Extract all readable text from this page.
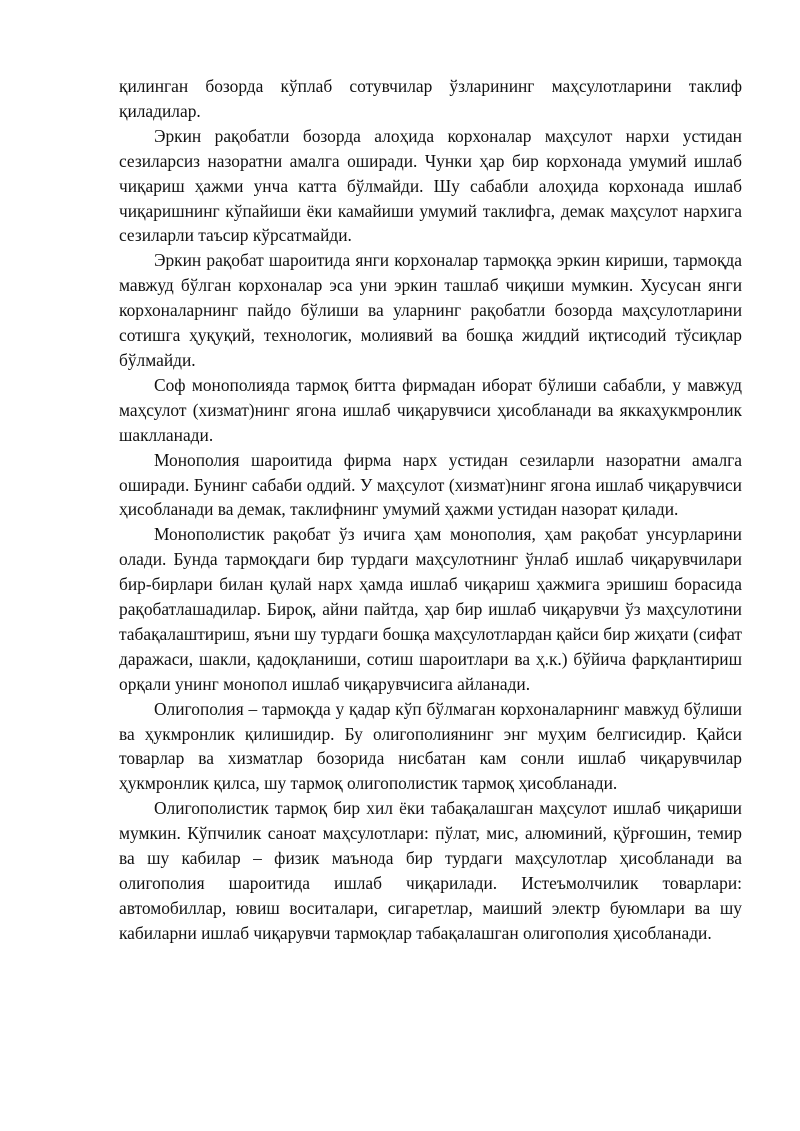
қилинган бозорда кўплаб сотувчилар ўзларининг маҳсулотларини таклиф қиладилар.

Эркин рақобатли бозорда алоҳида корхоналар маҳсулот нархи устидан сезиларсиз назоратни амалга оширади. Чунки ҳар бир корхонада умумий ишлаб чиқариш ҳажми унча катта бўлмайди. Шу сабабли алоҳида корхонада ишлаб чиқаришнинг кўпайиши ёки камайиши умумий таклифга, демак маҳсулот нархига сезиларли таъсир кўрсатмайди.

Эркин рақобат шароитида янги корхоналар тармоққа эркин кириши, тармоқда мавжуд бўлган корхоналар эса уни эркин ташлаб чиқиши мумкин. Хусусан янги корхоналарнинг пайдо бўлиши ва уларнинг рақобатли бозорда маҳсулотларини сотишга ҳуқуқий, технологик, молиявий ва бошқа жиддий иқтисодий тўсиқлар бўлмайди.

Соф монополияда тармоқ битта фирмадан иборат бўлиши сабабли, у мавжуд маҳсулот (хизмат)нинг ягона ишлаб чиқарувчиси ҳисобланади ва яккаҳукмронлик шаклланади.

Монополия шароитида фирма нарх устидан сезиларли назоратни амалга оширади. Бунинг сабаби оддий. У маҳсулот (хизмат)нинг ягона ишлаб чиқарувчиси ҳисобланади ва демак, таклифнинг умумий ҳажми устидан назорат қилади.

Монополистик рақобат ўз ичига ҳам монополия, ҳам рақобат унсурларини олади. Бунда тармоқдаги бир турдаги маҳсулотнинг ўнлаб ишлаб чиқарувчилари бир-бирлари билан қулай нарх ҳамда ишлаб чиқариш ҳажмига эришиш борасида рақобатлашадилар. Бироқ, айни пайтда, ҳар бир ишлаб чиқарувчи ўз маҳсулотини табақалаштириш, яъни шу турдаги бошқа маҳсулотлардан қайси бир жиҳати (сифат даражаси, шакли, қадоқланиши, сотиш шароитлари ва ҳ.к.) бўйича фарқлантириш орқали унинг монопол ишлаб чиқарувчисига айланади.

Олигополия – тармоқда у қадар кўп бўлмаган корхоналарнинг мавжуд бўлиши ва ҳукмронлик қилишидир. Бу олигополиянинг энг муҳим белгисидир. Қайси товарлар ва хизматлар бозорида нисбатан кам сонли ишлаб чиқарувчилар ҳукмронлик қилса, шу тармоқ олигополистик тармоқ ҳисобланади.

Олигополистик тармоқ бир хил ёки табақалашган маҳсулот ишлаб чиқариши мумкин. Кўпчилик саноат маҳсулотлари: пўлат, мис, алюминий, қўрғошин, темир ва шу кабилар – физик маънода бир турдаги маҳсулотлар ҳисобланади ва олигополия шароитида ишлаб чиқарилади. Истеъмолчилик товарлари: автомобиллар, ювиш воситалари, сигаретлар, маиший электр буюмлари ва шу кабиларни ишлаб чиқарувчи тармоқлар табақалашган олигополия ҳисобланади.
